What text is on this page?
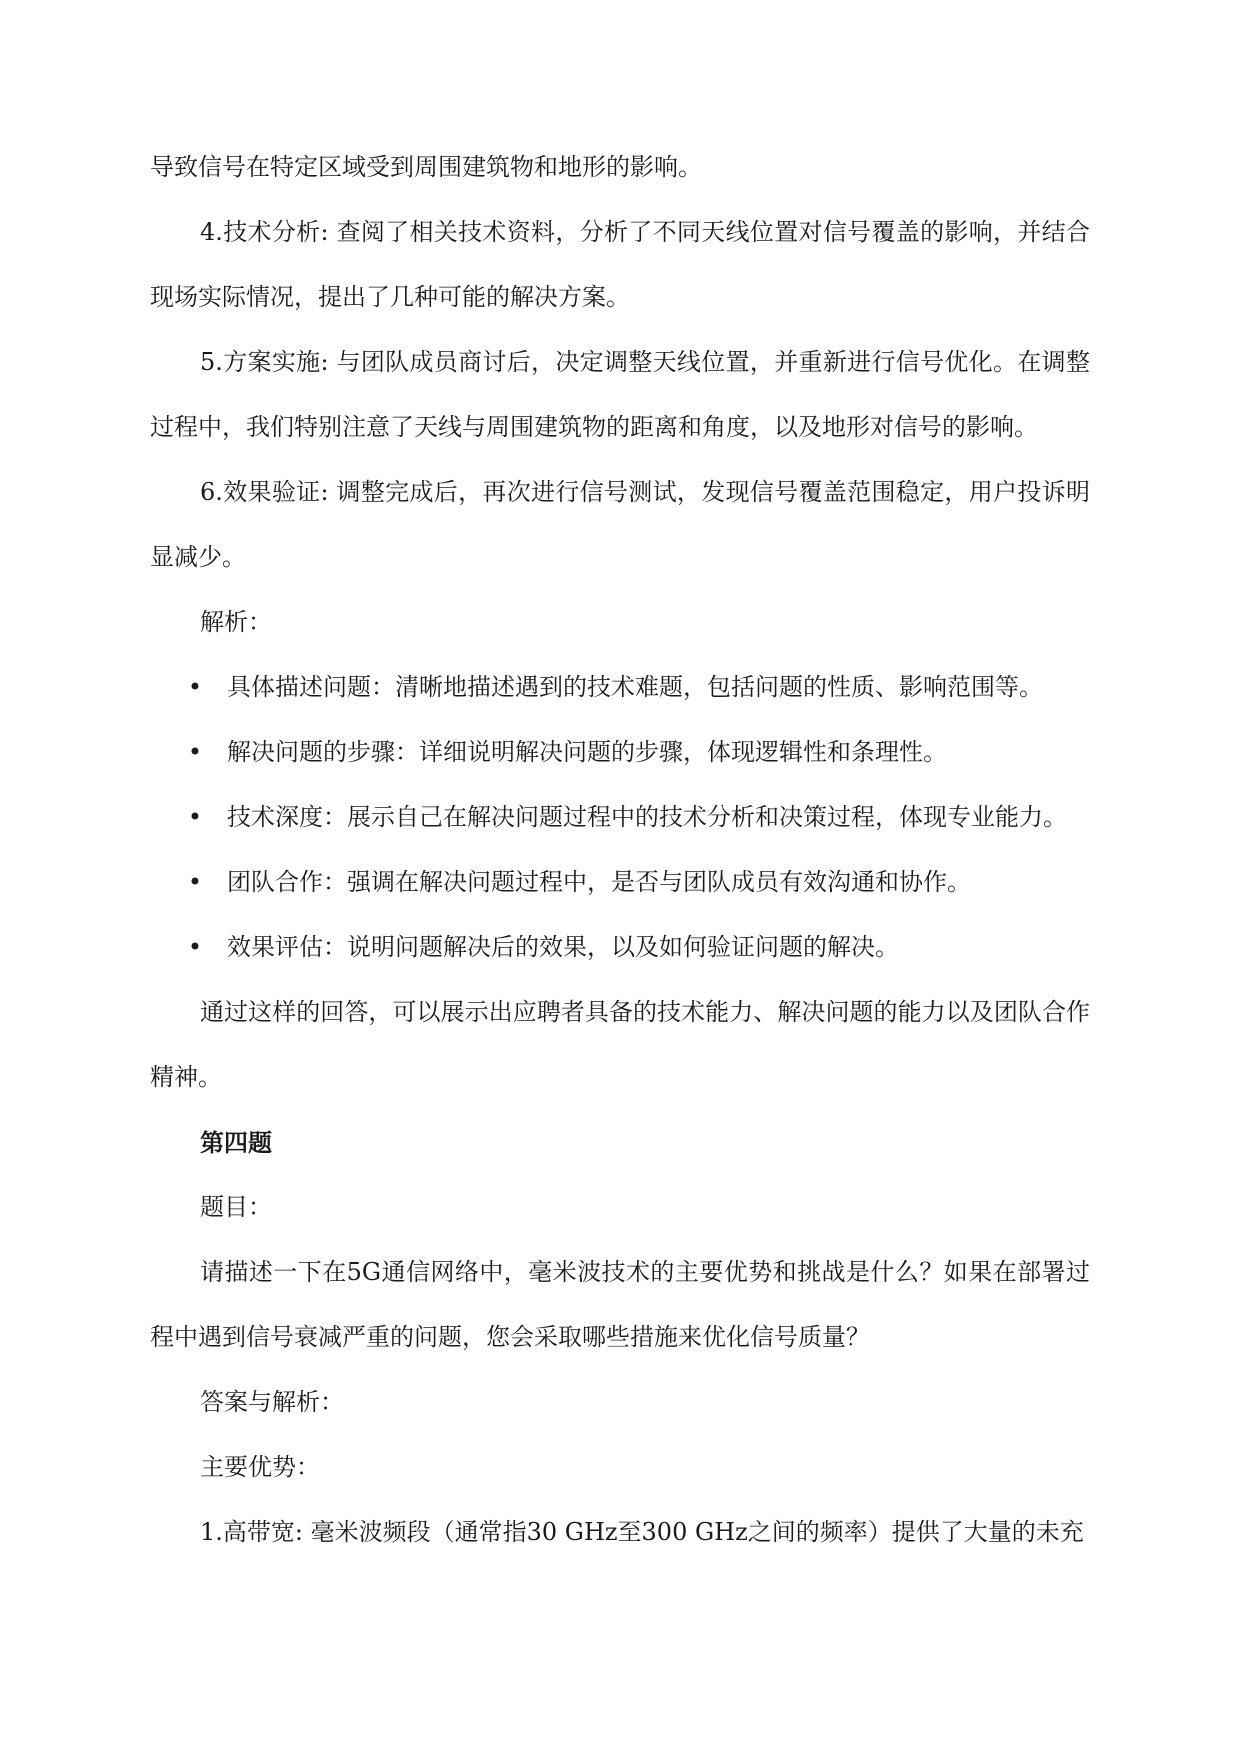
导致信号在特定区域受到周围建筑物和地形的影响。
4.技术分析: 查阅了相关技术资料，分析了不同天线位置对信号覆盖的影响，并结合现场实际情况，提出了几种可能的解决方案。
5.方案实施: 与团队成员商讨后，决定调整天线位置，并重新进行信号优化。在调整过程中，我们特别注意了天线与周围建筑物的距离和角度，以及地形对信号的影响。
6.效果验证: 调整完成后，再次进行信号测试，发现信号覆盖范围稳定，用户投诉明显减少。
解析：
• 具体描述问题：清晰地描述遇到的技术难题，包括问题的性质、影响范围等。
• 解决问题的步骤：详细说明解决问题的步骤，体现逻辑性和条理性。
• 技术深度：展示自己在解决问题过程中的技术分析和决策过程，体现专业能力。
• 团队合作：强调在解决问题过程中，是否与团队成员有效沟通和协作。
• 效果评估：说明问题解决后的效果，以及如何验证问题的解决。
通过这样的回答，可以展示出应聘者具备的技术能力、解决问题的能力以及团队合作精神。
第四题
题目：
请描述一下在5G通信网络中，毫米波技术的主要优势和挑战是什么？如果在部署过程中遇到信号衰减严重的问题，您会采取哪些措施来优化信号质量？
答案与解析：
主要优势：
1.高带宽: 毫米波频段（通常指30 GHz至300 GHz之间的频率）提供了大量的未充
